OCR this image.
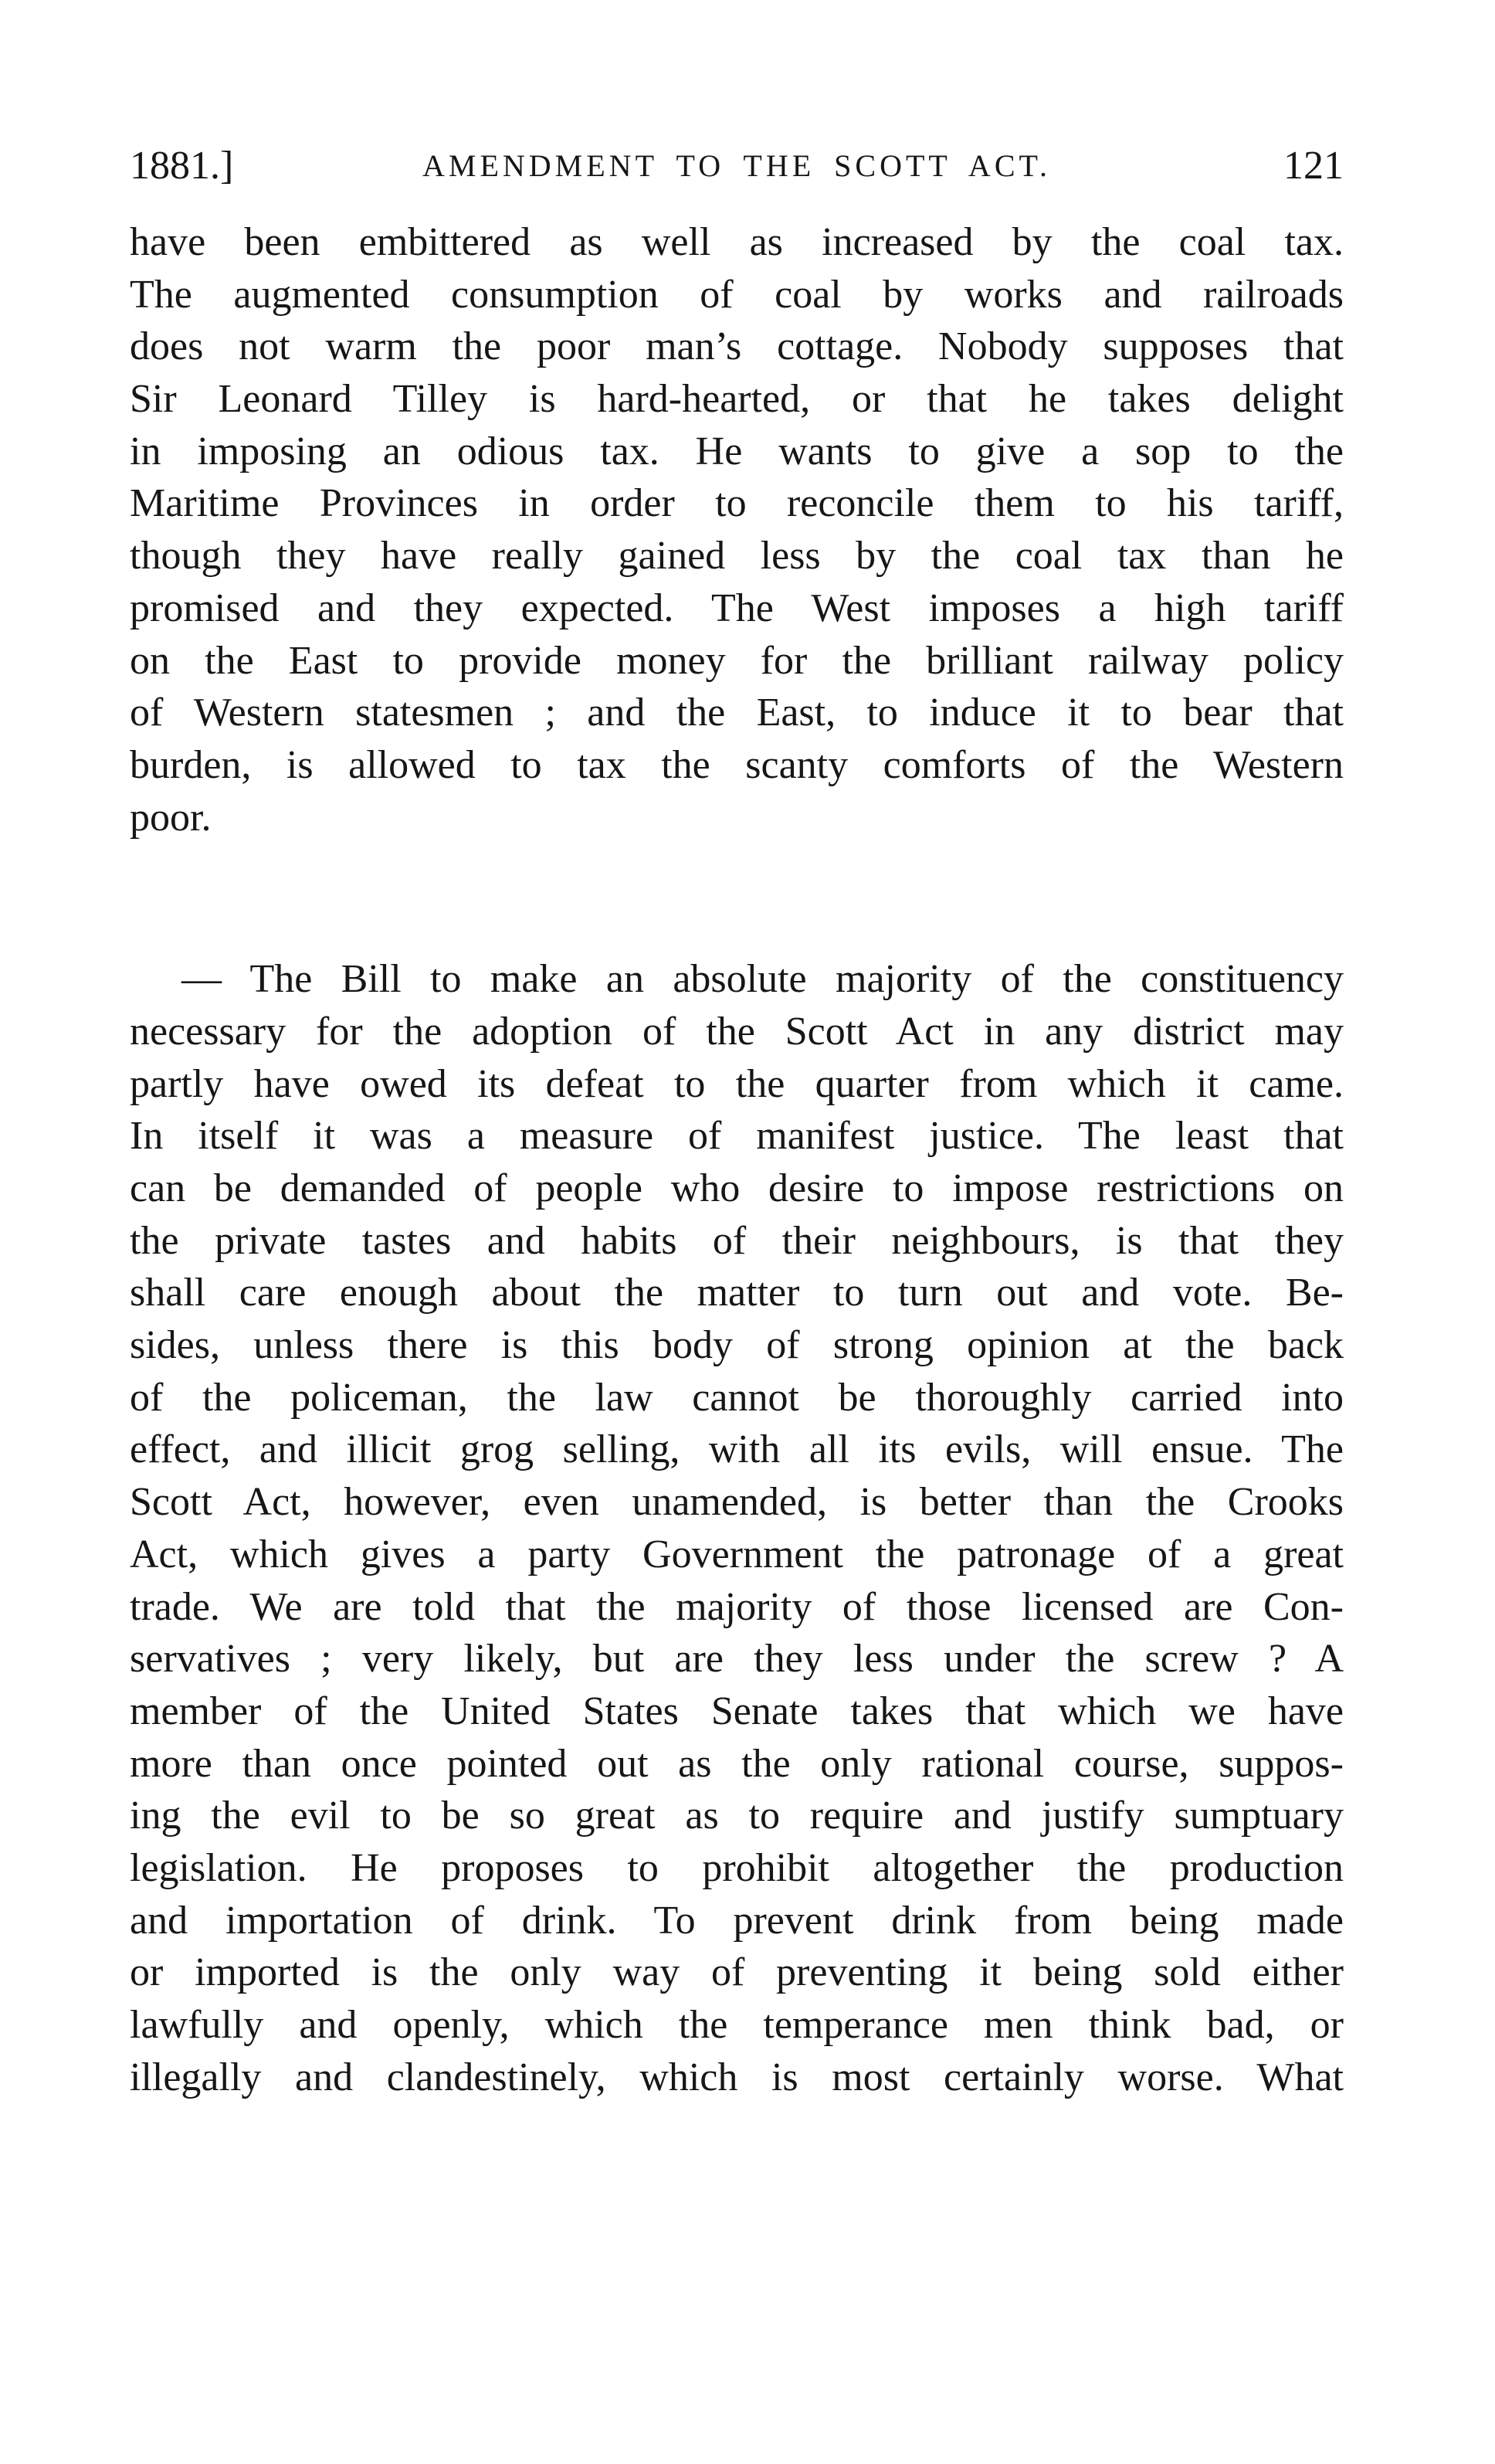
1881.]	AMENDMENT TO THE SCOTT ACT.	121

have been embittered as well as increased by the coal tax.
The augmented consumption of coal by works and railroads
does not warm the poor man’s cottage. Nobody supposes that
Sir Leonard Tilley is hard-hearted, or that he takes delight
in imposing an odious tax. He wants to give a sop to the
Maritime Provinces in order to reconcile them to his tariff,
though they have really gained less by the coal tax than he
promised and they expected. The West imposes a high tariff
on the East to provide money for the brilliant railway policy
of Western statesmen ; and the East, to induce it to bear that
burden, is allowed to tax the scanty comforts of the Western
poor.

— The Bill to make an absolute majority of the constituency
necessary for the adoption of the Scott Act in any district may
partly have owed its defeat to the quarter from which it came.
In itself it was a measure of manifest justice. The least that
can be demanded of people who desire to impose restrictions on
the private tastes and habits of their neighbours, is that they
shall care enough about the matter to turn out and vote. Be-
sides, unless there is this body of strong opinion at the back
of the policeman, the law cannot be thoroughly carried into
effect, and illicit grog selling, with all its evils, will ensue. The
Scott Act, however, even unamended, is better than the Crooks
Act, which gives a party Government the patronage of a great
trade. We are told that the majority of those licensed are Con-
servatives ; very likely, but are they less under the screw ? A
member of the United States Senate takes that which we have
more than once pointed out as the only rational course, suppos-
ing the evil to be so great as to require and justify sumptuary
legislation. He proposes to prohibit altogether the production
and importation of drink. To prevent drink from being made
or imported is the only way of preventing it being sold either
lawfully and openly, which the temperance men think bad, or
illegally and clandestinely, which is most certainly worse. What
